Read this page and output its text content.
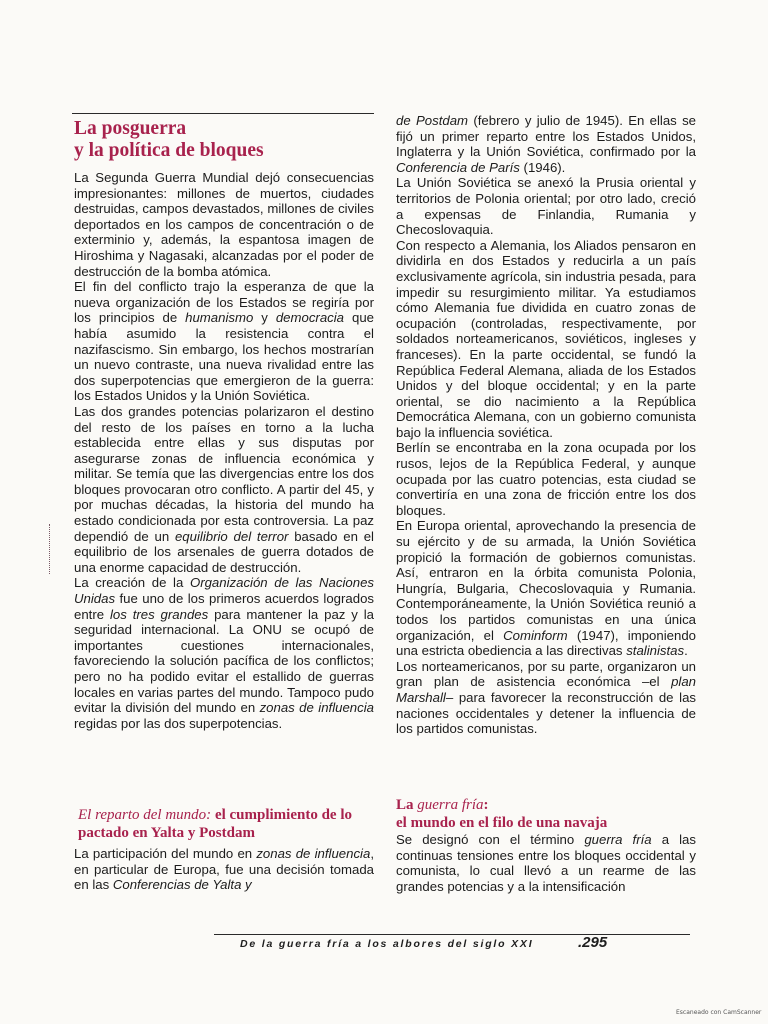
La posguerra
y la política de bloques

La Segunda Guerra Mundial dejó consecuencias impresionantes: millones de muertos, ciudades destruidas, campos devastados, millones de civiles deportados en los campos de concentración o de exterminio y, además, la espantosa imagen de Hiroshima y Nagasaki, alcanzadas por el poder de destrucción de la bomba atómica.

El fin del conflicto trajo la esperanza de que la nueva organización de los Estados se regiría por los principios de humanismo y democracia que había asumido la resistencia contra el nazifascismo. Sin embargo, los hechos mostrarían un nuevo contraste, una nueva rivalidad entre las dos superpotencias que emergieron de la guerra: los Estados Unidos y la Unión Soviética.

Las dos grandes potencias polarizaron el destino del resto de los países en torno a la lucha establecida entre ellas y sus disputas por asegurarse zonas de influencia económica y militar. Se temía que las divergencias entre los dos bloques provocaran otro conflicto. A partir del 45, y por muchas décadas, la historia del mundo ha estado condicionada por esta controversia. La paz dependió de un equilibrio del terror basado en el equilibrio de los arsenales de guerra dotados de una enorme capacidad de destrucción.

La creación de la Organización de las Naciones Unidas fue uno de los primeros acuerdos logrados entre los tres grandes para mantener la paz y la seguridad internacional. La ONU se ocupó de importantes cuestiones internacionales, favoreciendo la solución pacífica de los conflictos; pero no ha podido evitar el estallido de guerras locales en varias partes del mundo. Tampoco pudo evitar la división del mundo en zonas de influencia regidas por las dos superpotencias.

El reparto del mundo: el cumplimiento de lo pactado en Yalta y Postdam

La participación del mundo en zonas de influencia, en particular de Europa, fue una decisión tomada en las Conferencias de Yalta y

de Postdam (febrero y julio de 1945). En ellas se fijó un primer reparto entre los Estados Unidos, Inglaterra y la Unión Soviética, confirmado por la Conferencia de París (1946).

La Unión Soviética se anexó la Prusia oriental y territorios de Polonia oriental; por otro lado, creció a expensas de Finlandia, Rumania y Checoslovaquia.

Con respecto a Alemania, los Aliados pensaron en dividirla en dos Estados y reducirla a un país exclusivamente agrícola, sin industria pesada, para impedir su resurgimiento militar. Ya estudiamos cómo Alemania fue dividida en cuatro zonas de ocupación (controladas, respectivamente, por soldados norteamericanos, soviéticos, ingleses y franceses). En la parte occidental, se fundó la República Federal Alemana, aliada de los Estados Unidos y del bloque occidental; y en la parte oriental, se dio nacimiento a la República Democrática Alemana, con un gobierno comunista bajo la influencia soviética.

Berlín se encontraba en la zona ocupada por los rusos, lejos de la República Federal, y aunque ocupada por las cuatro potencias, esta ciudad se convertiría en una zona de fricción entre los dos bloques.

En Europa oriental, aprovechando la presencia de su ejército y de su armada, la Unión Soviética propició la formación de gobiernos comunistas. Así, entraron en la órbita comunista Polonia, Hungría, Bulgaria, Checoslovaquia y Rumania. Contemporáneamente, la Unión Soviética reunió a todos los partidos comunistas en una única organización, el Cominform (1947), imponiendo una estricta obediencia a las directivas stalinistas.

Los norteamericanos, por su parte, organizaron un gran plan de asistencia económica –el plan Marshall– para favorecer la reconstrucción de las naciones occidentales y detener la influencia de los partidos comunistas.

La guerra fría:
el mundo en el filo de una navaja

Se designó con el término guerra fría a las continuas tensiones entre los bloques occidental y comunista, lo cual llevó a un rearme de las grandes potencias y a la intensificación

De la guerra fría a los albores del siglo XXI	.295
Escaneado con CamScanner
